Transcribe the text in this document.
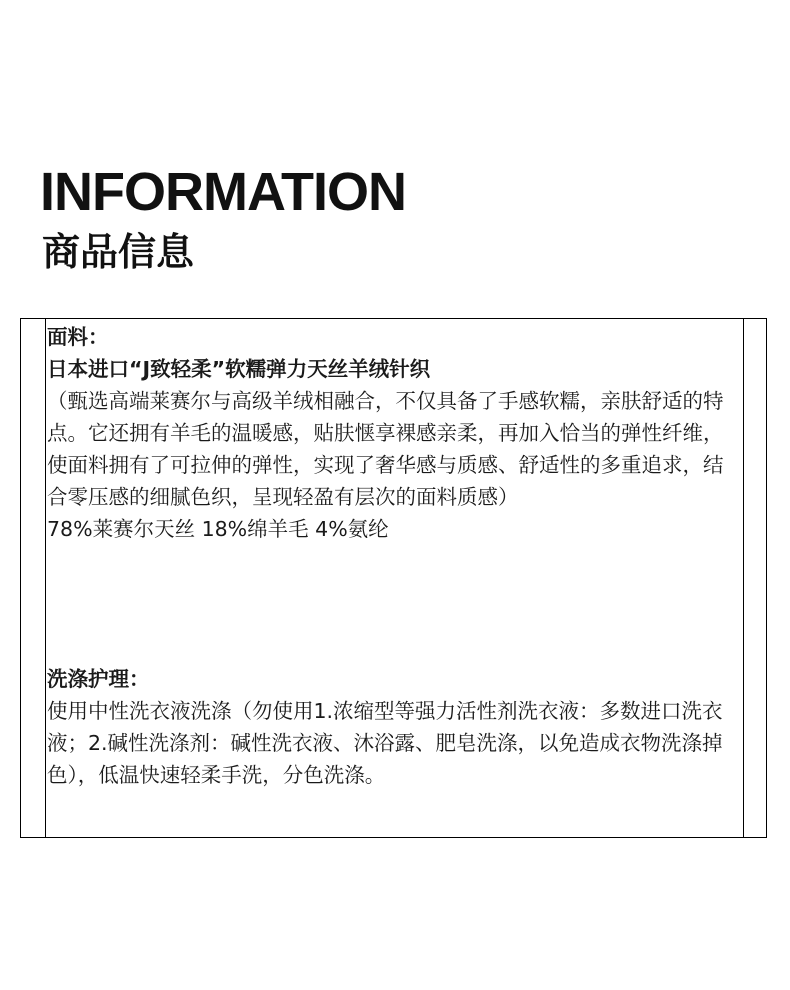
INFORMATION
商品信息
面料：
日本进口“J致轻柔”软糯弹力天丝羊绒针织
（甄选高端莱赛尔与高级羊绒相融合，不仅具备了手感软糯，亲肤舒适的特点。它还拥有羊毛的温暖感，贴肤惬享裸感亲柔，再加入恰当的弹性纤维，使面料拥有了可拉伸的弹性，实现了奢华感与质感、舒适性的多重追求，结合零压感的细腻色织，呈现轻盈有层次的面料质感）
78%莱赛尔天丝 18%绵羊毛 4%氨纶
洗涤护理：
使用中性洗衣液洗涤（勿使用1.浓缩型等强力活性剂洗衣液：多数进口洗衣液；2.碱性洗涤剂：碱性洗衣液、沐浴露、肥皂洗涤，以免造成衣物洗涤掉色），低温快速轻柔手洗，分色洗涤。
